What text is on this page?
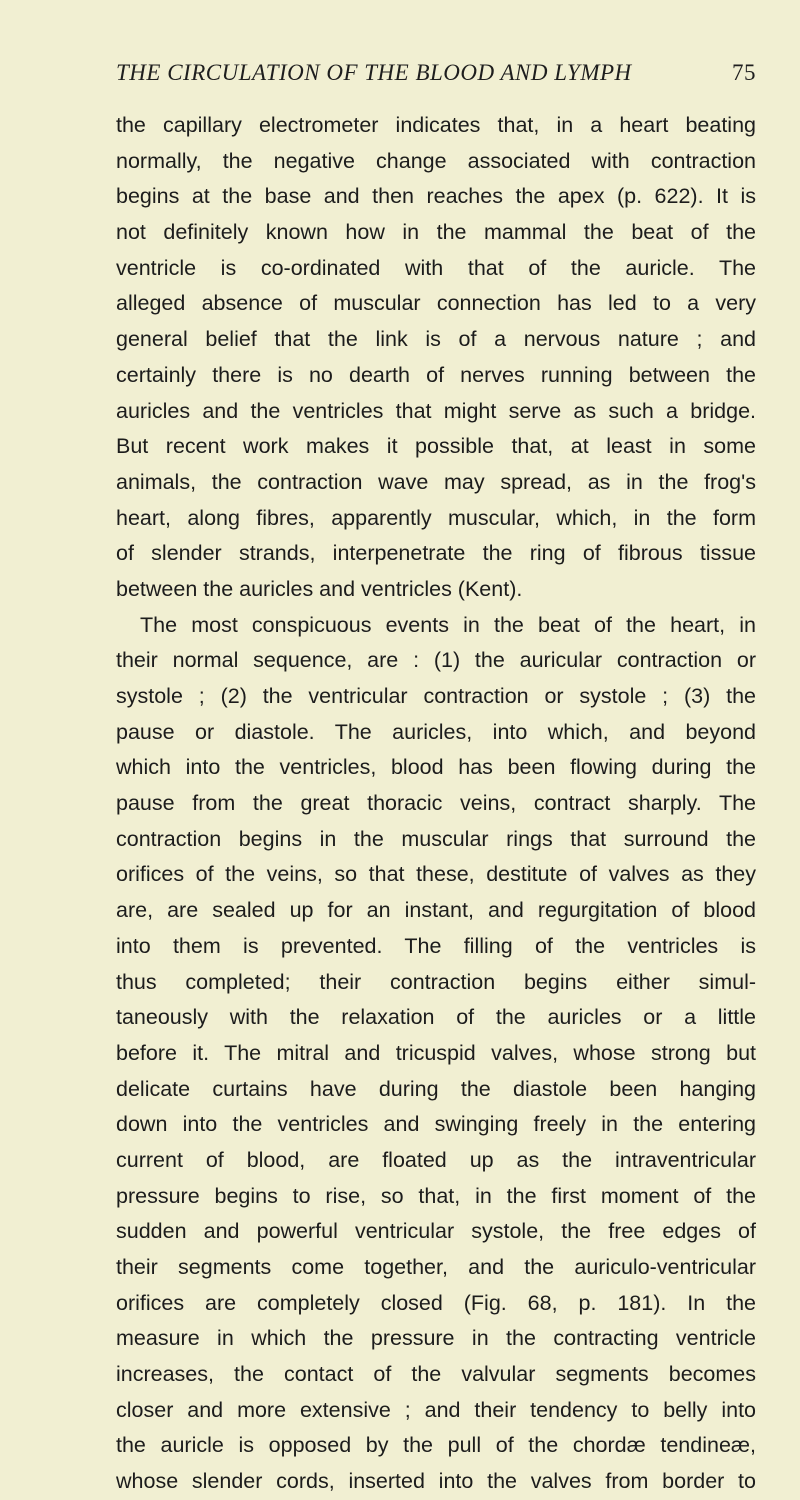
THE CIRCULATION OF THE BLOOD AND LYMPH	75
the capillary electrometer indicates that, in a heart beating
normally, the negative change associated with contraction
begins at the base and then reaches the apex (p. 622). It is
not definitely known how in the mammal the beat of the
ventricle is co-ordinated with that of the auricle. The
alleged absence of muscular connection has led to a very
general belief that the link is of a nervous nature ; and
certainly there is no dearth of nerves running between the
auricles and the ventricles that might serve as such a bridge.
But recent work makes it possible that, at least in some
animals, the contraction wave may spread, as in the frog's
heart, along fibres, apparently muscular, which, in the form
of slender strands, interpenetrate the ring of fibrous tissue
between the auricles and ventricles (Kent).
The most conspicuous events in the beat of the heart, in
their normal sequence, are : (1) the auricular contraction or
systole ; (2) the ventricular contraction or systole ; (3) the
pause or diastole. The auricles, into which, and beyond
which into the ventricles, blood has been flowing during the
pause from the great thoracic veins, contract sharply. The
contraction begins in the muscular rings that surround the
orifices of the veins, so that these, destitute of valves as they
are, are sealed up for an instant, and regurgitation of blood
into them is prevented. The filling of the ventricles is
thus completed; their contraction begins either simul-
taneously with the relaxation of the auricles or a little
before it. The mitral and tricuspid valves, whose strong but
delicate curtains have during the diastole been hanging
down into the ventricles and swinging freely in the entering
current of blood, are floated up as the intraventricular
pressure begins to rise, so that, in the first moment of the
sudden and powerful ventricular systole, the free edges of
their segments come together, and the auriculo-ventricular
orifices are completely closed (Fig. 68, p. 181). In the
measure in which the pressure in the contracting ventricle
increases, the contact of the valvular segments becomes
closer and more extensive ; and their tendency to belly into
the auricle is opposed by the pull of the chordæ tendineæ,
whose slender cords, inserted into the valves from border to
